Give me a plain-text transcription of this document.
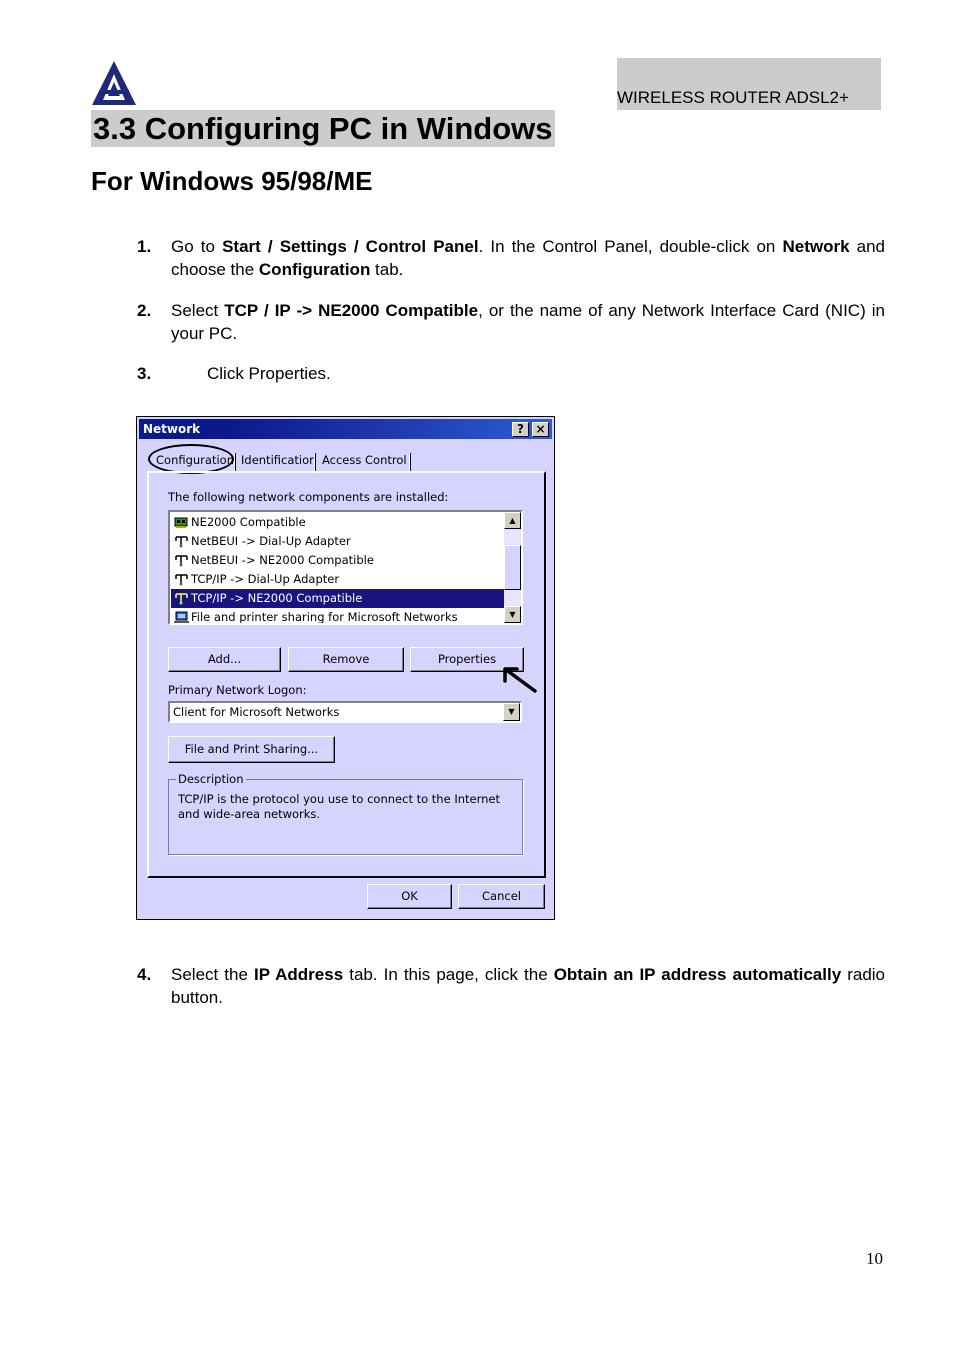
WIRELESS ROUTER ADSL2+
3.3 Configuring PC in Windows
For Windows 95/98/ME
1. Go to Start / Settings / Control Panel. In the Control Panel, double-click on Network and choose the Configuration tab.
2. Select TCP / IP -> NE2000 Compatible, or the name of any Network Interface Card (NIC) in your PC.
3.	Click Properties.
Network	? ×
Configuration Identification Access Control
The following network components are installed:
NE2000 Compatible
NetBEUI -> Dial-Up Adapter
NetBEUI -> NE2000 Compatible
TCP/IP -> Dial-Up Adapter
TCP/IP -> NE2000 Compatible
File and printer sharing for Microsoft Networks
▲
▼
Add...	Remove	Properties
Primary Network Logon:
Client for Microsoft Networks	▼
File and Print Sharing...
Description
TCP/IP is the protocol you use to connect to the Internet and wide-area networks.
OK	Cancel
4. Select the IP Address tab. In this page, click the Obtain an IP address automatically radio button.
10
